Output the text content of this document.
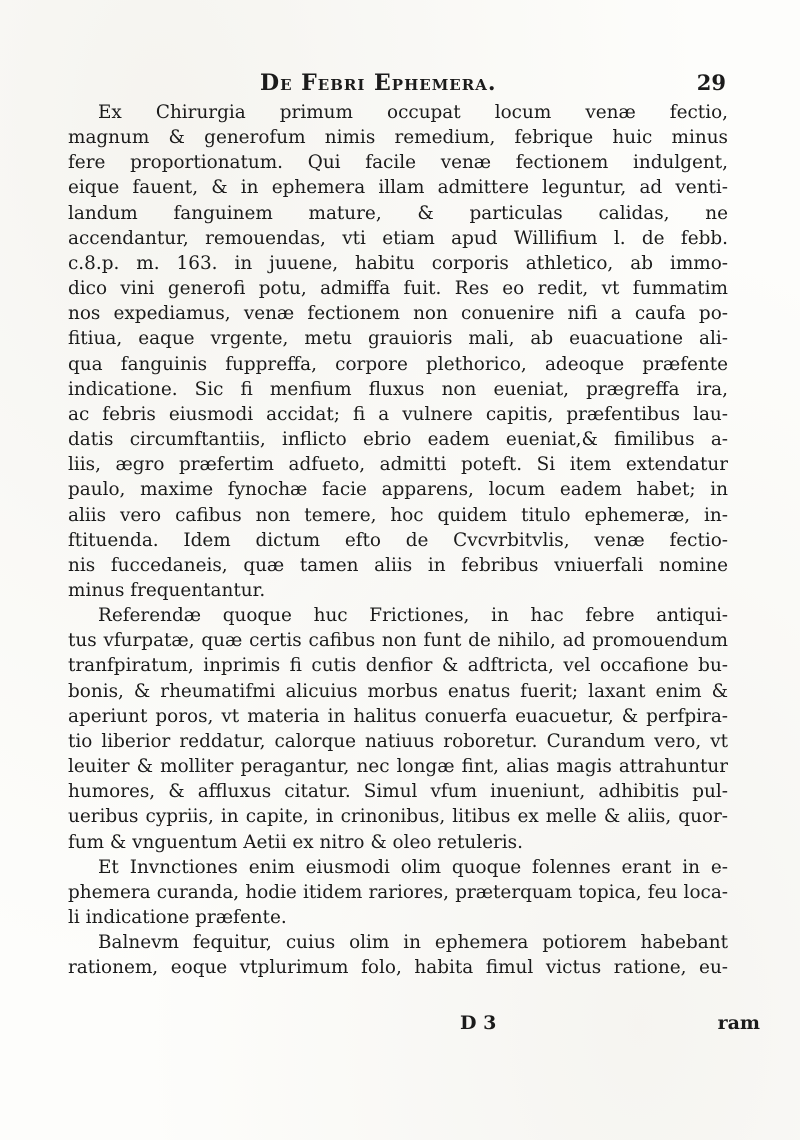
De Febri Ephemera.	29
Ex Chirurgia primum occupat locum venæ fectio,
magnum & generofum nimis remedium, febrique huic minus
fere proportionatum. Qui facile venæ fectionem indulgent,
eique fauent, & in ephemera illam admittere leguntur, ad venti-
landum fanguinem mature, & particulas calidas, ne
accendantur, remouendas, vti etiam apud Willifium l. de febb.
c.8.p. m. 163. in juuene, habitu corporis athletico, ab immo-
dico vini generofi potu, admiffa fuit. Res eo redit, vt fummatim
nos expediamus, venæ fectionem non conuenire nifi a caufa po-
fitiua, eaque vrgente, metu grauioris mali, ab euacuatione ali-
qua fanguinis fuppreffa, corpore plethorico, adeoque præfente
indicatione. Sic fi menfium fluxus non eueniat, prægreffa ira,
ac febris eiusmodi accidat; fi a vulnere capitis, præfentibus lau-
datis circumftantiis, inflicto ebrio eadem eueniat,& fimilibus a-
liis, ægro præfertim adfueto, admitti poteft. Si item extendatur
paulo, maxime fynochæ facie apparens, locum eadem habet; in
aliis vero cafibus non temere, hoc quidem titulo ephemeræ, in-
ftituenda. Idem dictum efto de Cvcvrbitvlis, venæ fectio-
nis fuccedaneis, quæ tamen aliis in febribus vniuerfali nomine
minus frequentantur.
Referendæ quoque huc Frictiones, in hac febre antiqui-
tus vfurpatæ, quæ certis cafibus non funt de nihilo, ad promouendum
tranfpiratum, inprimis fi cutis denfior & adftricta, vel occafione bu-
bonis, & rheumatifmi alicuius morbus enatus fuerit; laxant enim &
aperiunt poros, vt materia in halitus conuerfa euacuetur, & perfpira-
tio liberior reddatur, calorque natiuus roboretur. Curandum vero, vt
leuiter & molliter peragantur, nec longæ fint, alias magis attrahuntur
humores, & affluxus citatur. Simul vfum inueniunt, adhibitis pul-
ueribus cypriis, in capite, in crinonibus, litibus ex melle & aliis, quor-
fum & vnguentum Aetii ex nitro & oleo retuleris.
Et Invnctiones enim eiusmodi olim quoque folennes erant in e-
phemera curanda, hodie itidem rariores, præterquam topica, feu loca-
li indicatione præfente.
Balnevm fequitur, cuius olim in ephemera potiorem habebant
rationem, eoque vtplurimum folo, habita fimul victus ratione, eu-
D 3	ram
